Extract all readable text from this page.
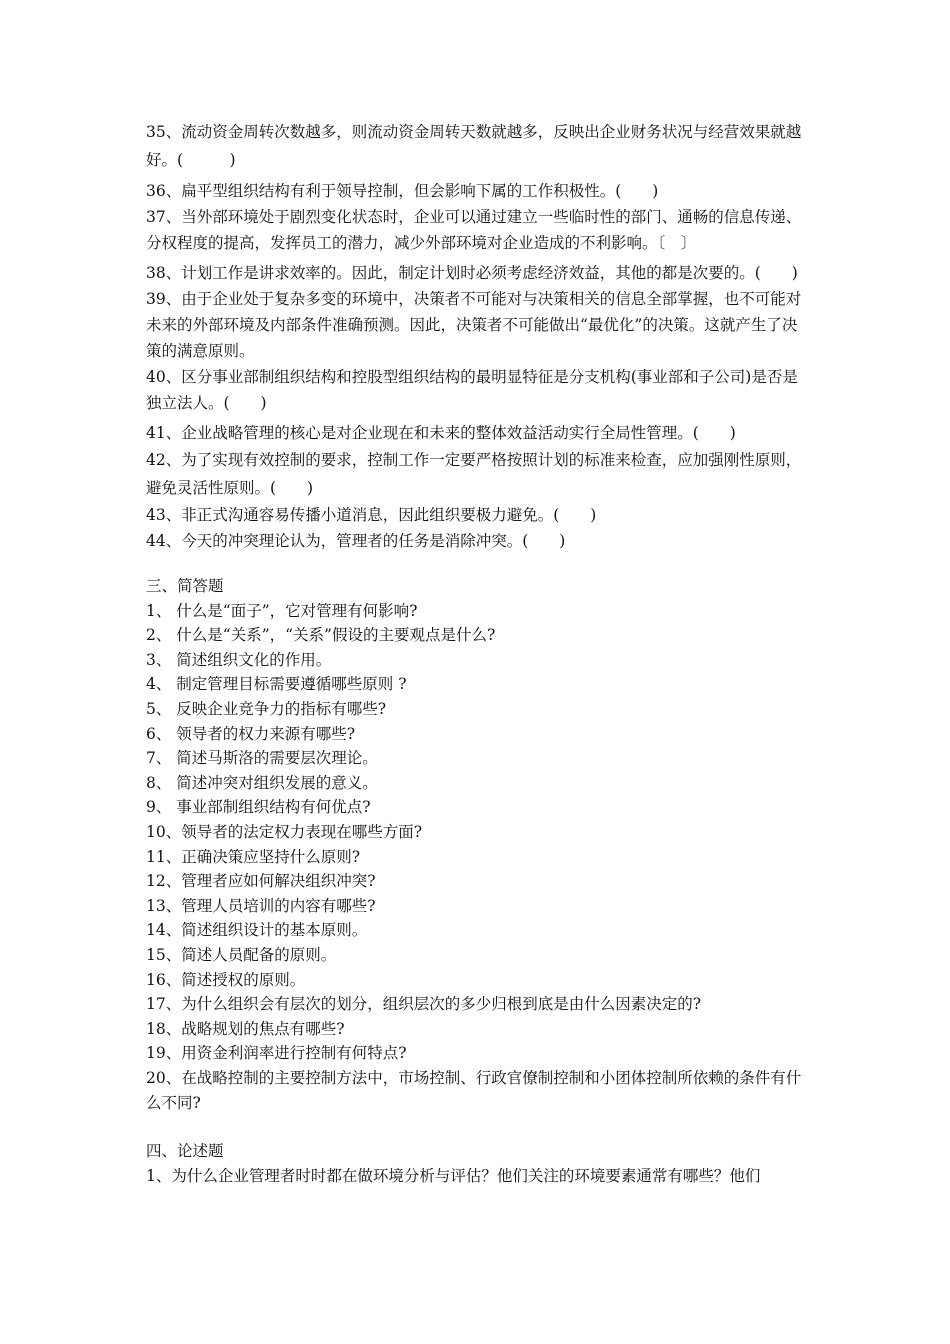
35、流动资金周转次数越多，则流动资金周转天数就越多，反映出企业财务状况与经营效果就越好。(　　　)

36、扁平型组织结构有利于领导控制，但会影响下属的工作积极性。(　　)

37、当外部环境处于剧烈变化状态时，企业可以通过建立一些临时性的部门、通畅的信息传递、分权程度的提高，发挥员工的潜力，减少外部环境对企业造成的不利影响。〔　〕

38、计划工作是讲求效率的。因此，制定计划时必须考虑经济效益，其他的都是次要的。(　　)

39、由于企业处于复杂多变的环境中，决策者不可能对与决策相关的信息全部掌握，也不可能对未来的外部环境及内部条件准确预测。因此，决策者不可能做出“最优化”的决策。这就产生了决策的满意原则。

40、区分事业部制组织结构和控股型组织结构的最明显特征是分支机构(事业部和子公司)是否是独立法人。(　　)

41、企业战略管理的核心是对企业现在和未来的整体效益活动实行全局性管理。(　　)

42、为了实现有效控制的要求，控制工作一定要严格按照计划的标准来检查，应加强刚性原则，避免灵活性原则。(　　)

43、非正式沟通容易传播小道消息，因此组织要极力避免。(　　)

44、今天的冲突理论认为，管理者的任务是消除冲突。(　　)

三、简答题

1、 什么是“面子”，它对管理有何影响?

2、 什么是“关系”，“关系”假设的主要观点是什么?

3、 简述组织文化的作用。

4、 制定管理目标需要遵循哪些原则 ?

5、 反映企业竞争力的指标有哪些?

6、 领导者的权力来源有哪些?

7、 简述马斯洛的需要层次理论。

8、 简述冲突对组织发展的意义。

9、 事业部制组织结构有何优点?

10、领导者的法定权力表现在哪些方面?

11、正确决策应坚持什么原则?

12、管理者应如何解决组织冲突?

13、管理人员培训的内容有哪些?

14、简述组织设计的基本原则。

15、简述人员配备的原则。

16、简述授权的原则。

17、为什么组织会有层次的划分，组织层次的多少归根到底是由什么因素决定的?

18、战略规划的焦点有哪些?

19、用资金利润率进行控制有何特点?

20、在战略控制的主要控制方法中，市场控制、行政官僚制控制和小团体控制所依赖的条件有什么不同?

四、论述题

1、为什么企业管理者时时都在做环境分析与评估？他们关注的环境要素通常有哪些？他们
